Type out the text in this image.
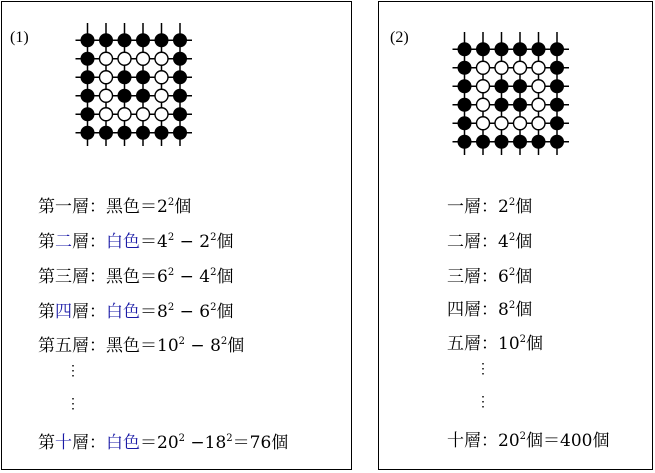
(1)
第一層：黑色$=2^2$個
第二層：白色$=4^2 - 2^2$個
第三層：黑色$=6^2 - 4^2$個
第四層：白色$=8^2 - 6^2$個
第五層：黑色$=10^2 - 8^2$個
⋮
⋮
第十層：白色$=20^2 -18^2=76$個
(2)
一層：$2^2$個
二層：$4^2$個
三層：$6^2$個
四層：$8^2$個
五層：$10^2$個
⋮
⋮
十層：$20^2$個＝400個
